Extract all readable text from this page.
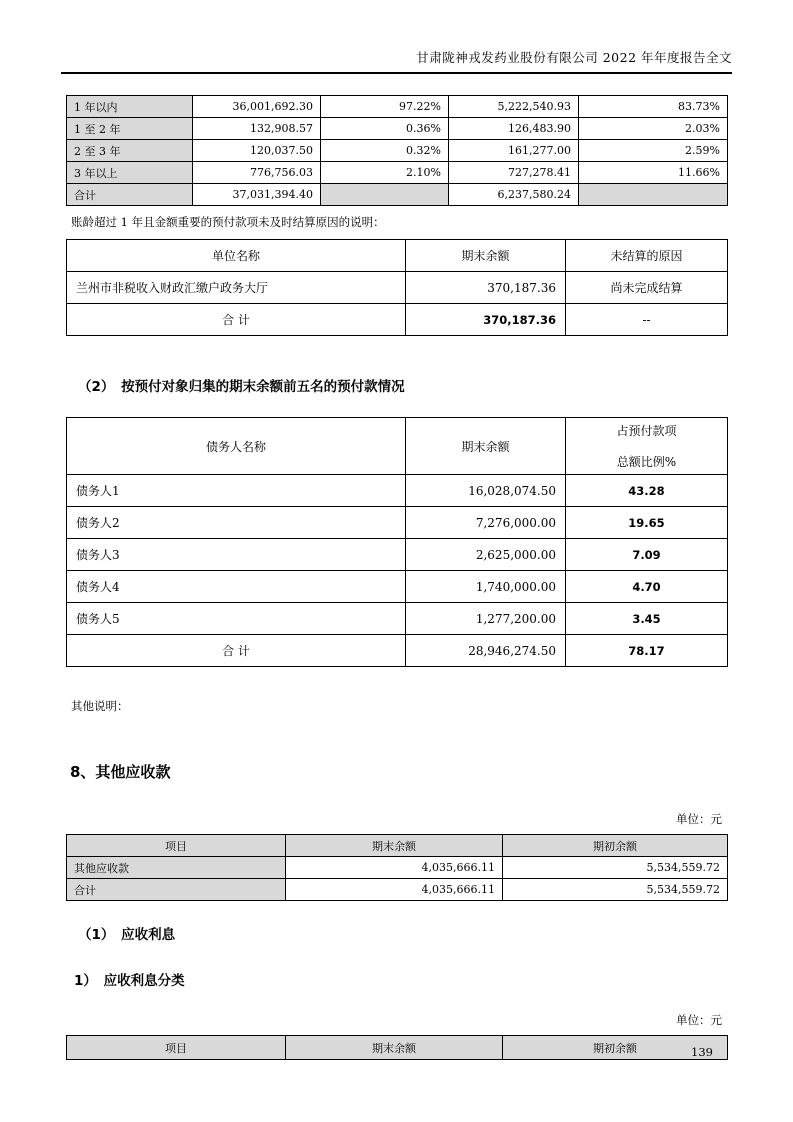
甘肃陇神戎发药业股份有限公司 2022 年年度报告全文
1 年以内	36,001,692.30	97.22%	5,222,540.93	83.73%
1 至 2 年	132,908.57	0.36%	126,483.90	2.03%
2 至 3 年	120,037.50	0.32%	161,277.00	2.59%
3 年以上	776,756.03	2.10%	727,278.41	11.66%
合计	37,031,394.40		6,237,580.24	

账龄超过 1 年且金额重要的预付款项未及时结算原因的说明：

单位名称	期末余额	未结算的原因
兰州市非税收入财政汇缴户政务大厅	370,187.36	尚未完成结算
合 计	370,187.36	--
（2）　按预付对象归集的期末余额前五名的预付款情况
债务人名称	期末余额	占预付款项
总额比例%

债务人1	16,028,074.50	43.28
债务人2	7,276,000.00	19.65
债务人3	2,625,000.00	7.09
债务人4	1,740,000.00	4.70
债务人5	1,277,200.00	3.45
合 计	28,946,274.50	78.17

其他说明：

8、其他应收款
单位：元
项目	期末余额	期初余额
其他应收款	4,035,666.11	5,534,559.72
合计	4,035,666.11	5,534,559.72
（1）　应收利息
1）　应收利息分类
单位：元
项目	期末余额	期初余额	139
